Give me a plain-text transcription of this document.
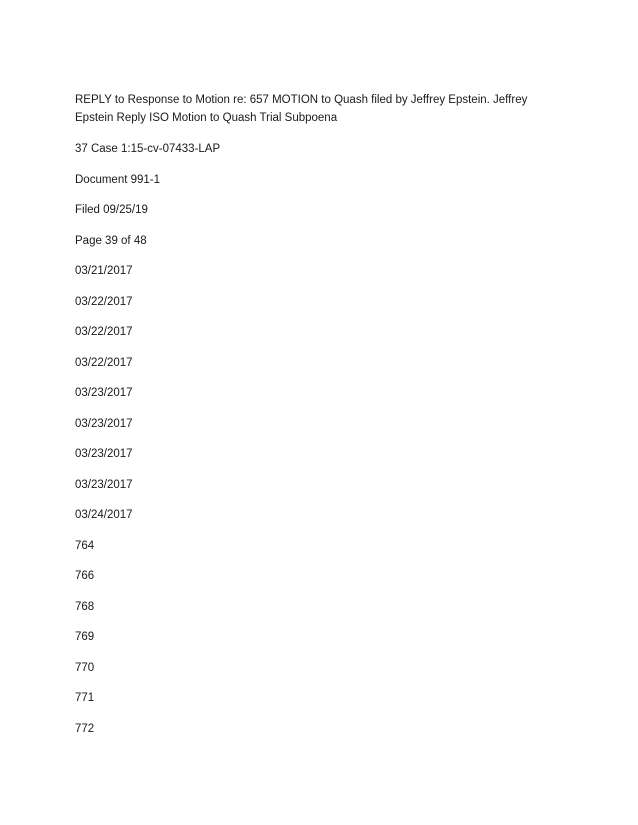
REPLY to Response to Motion re: 657 MOTION to Quash filed by Jeffrey Epstein. Jeffrey Epstein Reply ISO Motion to Quash Trial Subpoena

37 Case 1:15-cv-07433-LAP
Document 991-1
Filed 09/25/19
Page 39 of 48
03/21/2017
03/22/2017
03/22/2017
03/22/2017
03/23/2017
03/23/2017
03/23/2017
03/23/2017
03/24/2017
764
766
768
769
770
771
772
